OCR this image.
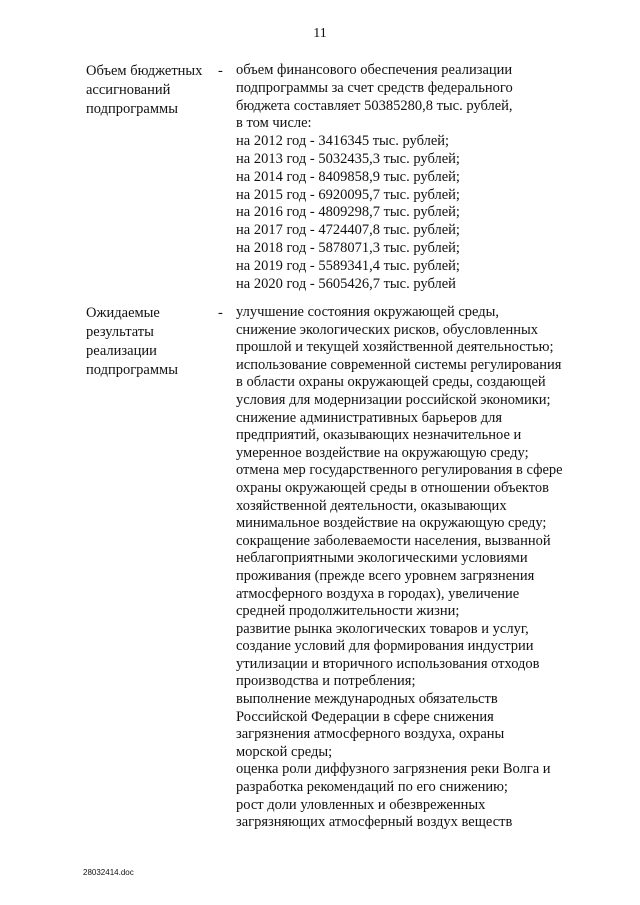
11
Объем бюджетных
ассигнований
подпрограммы
- объем финансового обеспечения реализации
подпрограммы за счет средств федерального
бюджета составляет 50385280,8 тыс. рублей,
в том числе:
на 2012 год - 3416345 тыс. рублей;
на 2013 год - 5032435,3 тыс. рублей;
на 2014 год - 8409858,9 тыс. рублей;
на 2015 год - 6920095,7 тыс. рублей;
на 2016 год - 4809298,7 тыс. рублей;
на 2017 год - 4724407,8 тыс. рублей;
на 2018 год - 5878071,3 тыс. рублей;
на 2019 год - 5589341,4 тыс. рублей;
на 2020 год - 5605426,7 тыс. рублей
Ожидаемые
результаты
реализации
подпрограммы
- улучшение состояния окружающей среды,
снижение экологических рисков, обусловленных
прошлой и текущей хозяйственной деятельностью;
использование современной системы регулирования
в области охраны окружающей среды, создающей
условия для модернизации российской экономики;
снижение административных барьеров для
предприятий, оказывающих незначительное и
умеренное воздействие на окружающую среду;
отмена мер государственного регулирования в сфере
охраны окружающей среды в отношении объектов
хозяйственной деятельности, оказывающих
минимальное воздействие на окружающую среду;
сокращение заболеваемости населения, вызванной
неблагоприятными экологическими условиями
проживания (прежде всего уровнем загрязнения
атмосферного воздуха в городах), увеличение
средней продолжительности жизни;
развитие рынка экологических товаров и услуг,
создание условий для формирования индустрии
утилизации и вторичного использования отходов
производства и потребления;
выполнение международных обязательств
Российской Федерации в сфере снижения
загрязнения атмосферного воздуха, охраны
морской среды;
оценка роли диффузного загрязнения реки Волга и
разработка рекомендаций по его снижению;
рост доли уловленных и обезвреженных
загрязняющих атмосферный воздух веществ
28032414.doc
